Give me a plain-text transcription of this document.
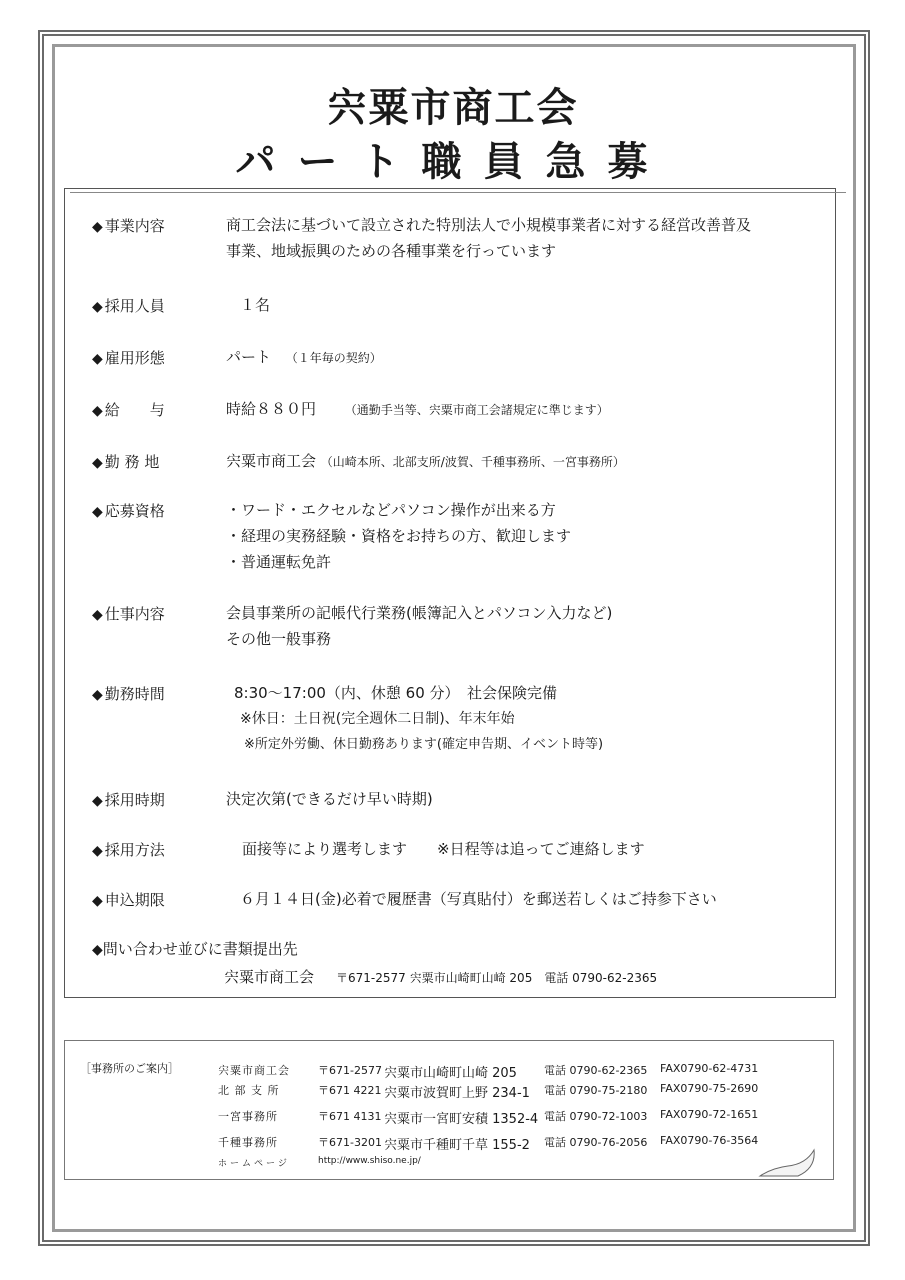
宍粟市商工会
パート職員急募
◆ 事業内容	商工会法に基づいて設立された特別法人で小規模事業者に対する経営改善普及
事業、地域振興のための各種事業を行っています
◆ 採用人員	１名
◆ 雇用形態	パート （１年毎の契約）
◆ 給　　与	時給８８０円 （通勤手当等、宍粟市商工会諸規定に準じます）
◆ 勤 務 地	宍粟市商工会 （山崎本所、北部支所/波賀、千種事務所、一宮事務所）
◆ 応募資格	・ワード・エクセルなどパソコン操作が出来る方
・経理の実務経験・資格をお持ちの方、歓迎します
・普通運転免許
◆ 仕事内容	会員事業所の記帳代行業務(帳簿記入とパソコン入力など)
その他一般事務
◆ 勤務時間	8:30～17:00（内、休憩 60 分）　社会保険完備
※休日：土日祝(完全週休二日制)、年末年始
※所定外労働、休日勤務あります(確定申告期、イベント時等)
◆ 採用時期	決定次第(できるだけ早い時期)
◆ 採用方法	面接等により選考します　　※日程等は追ってご連絡します
◆ 申込期限	６月１４日(金)必着で履歴書（写真貼付）を郵送若しくはご持参下さい
◆問い合わせ並びに書類提出先
宍粟市商工会 〒671-2577 宍粟市山崎町山崎 205　電話 0790-62-2365
［事務所のご案内］	宍粟市商工会	〒671-2577 宍粟市山崎町山崎 205 電話 0790-62-2365 FAX0790-62-4731
北 部 支 所	〒671 4221 宍粟市波賀町上野 234-1 電話 0790-75-2180 FAX0790-75-2690
一宮事務所	〒671 4131 宍粟市一宮町安積 1352-4 電話 0790-72-1003 FAX0790-72-1651
千種事務所	〒671-3201 宍粟市千種町千草 155-2 電話 0790-76-2056 FAX0790-76-3564
ホームページ	http://www.shiso.ne.jp/
